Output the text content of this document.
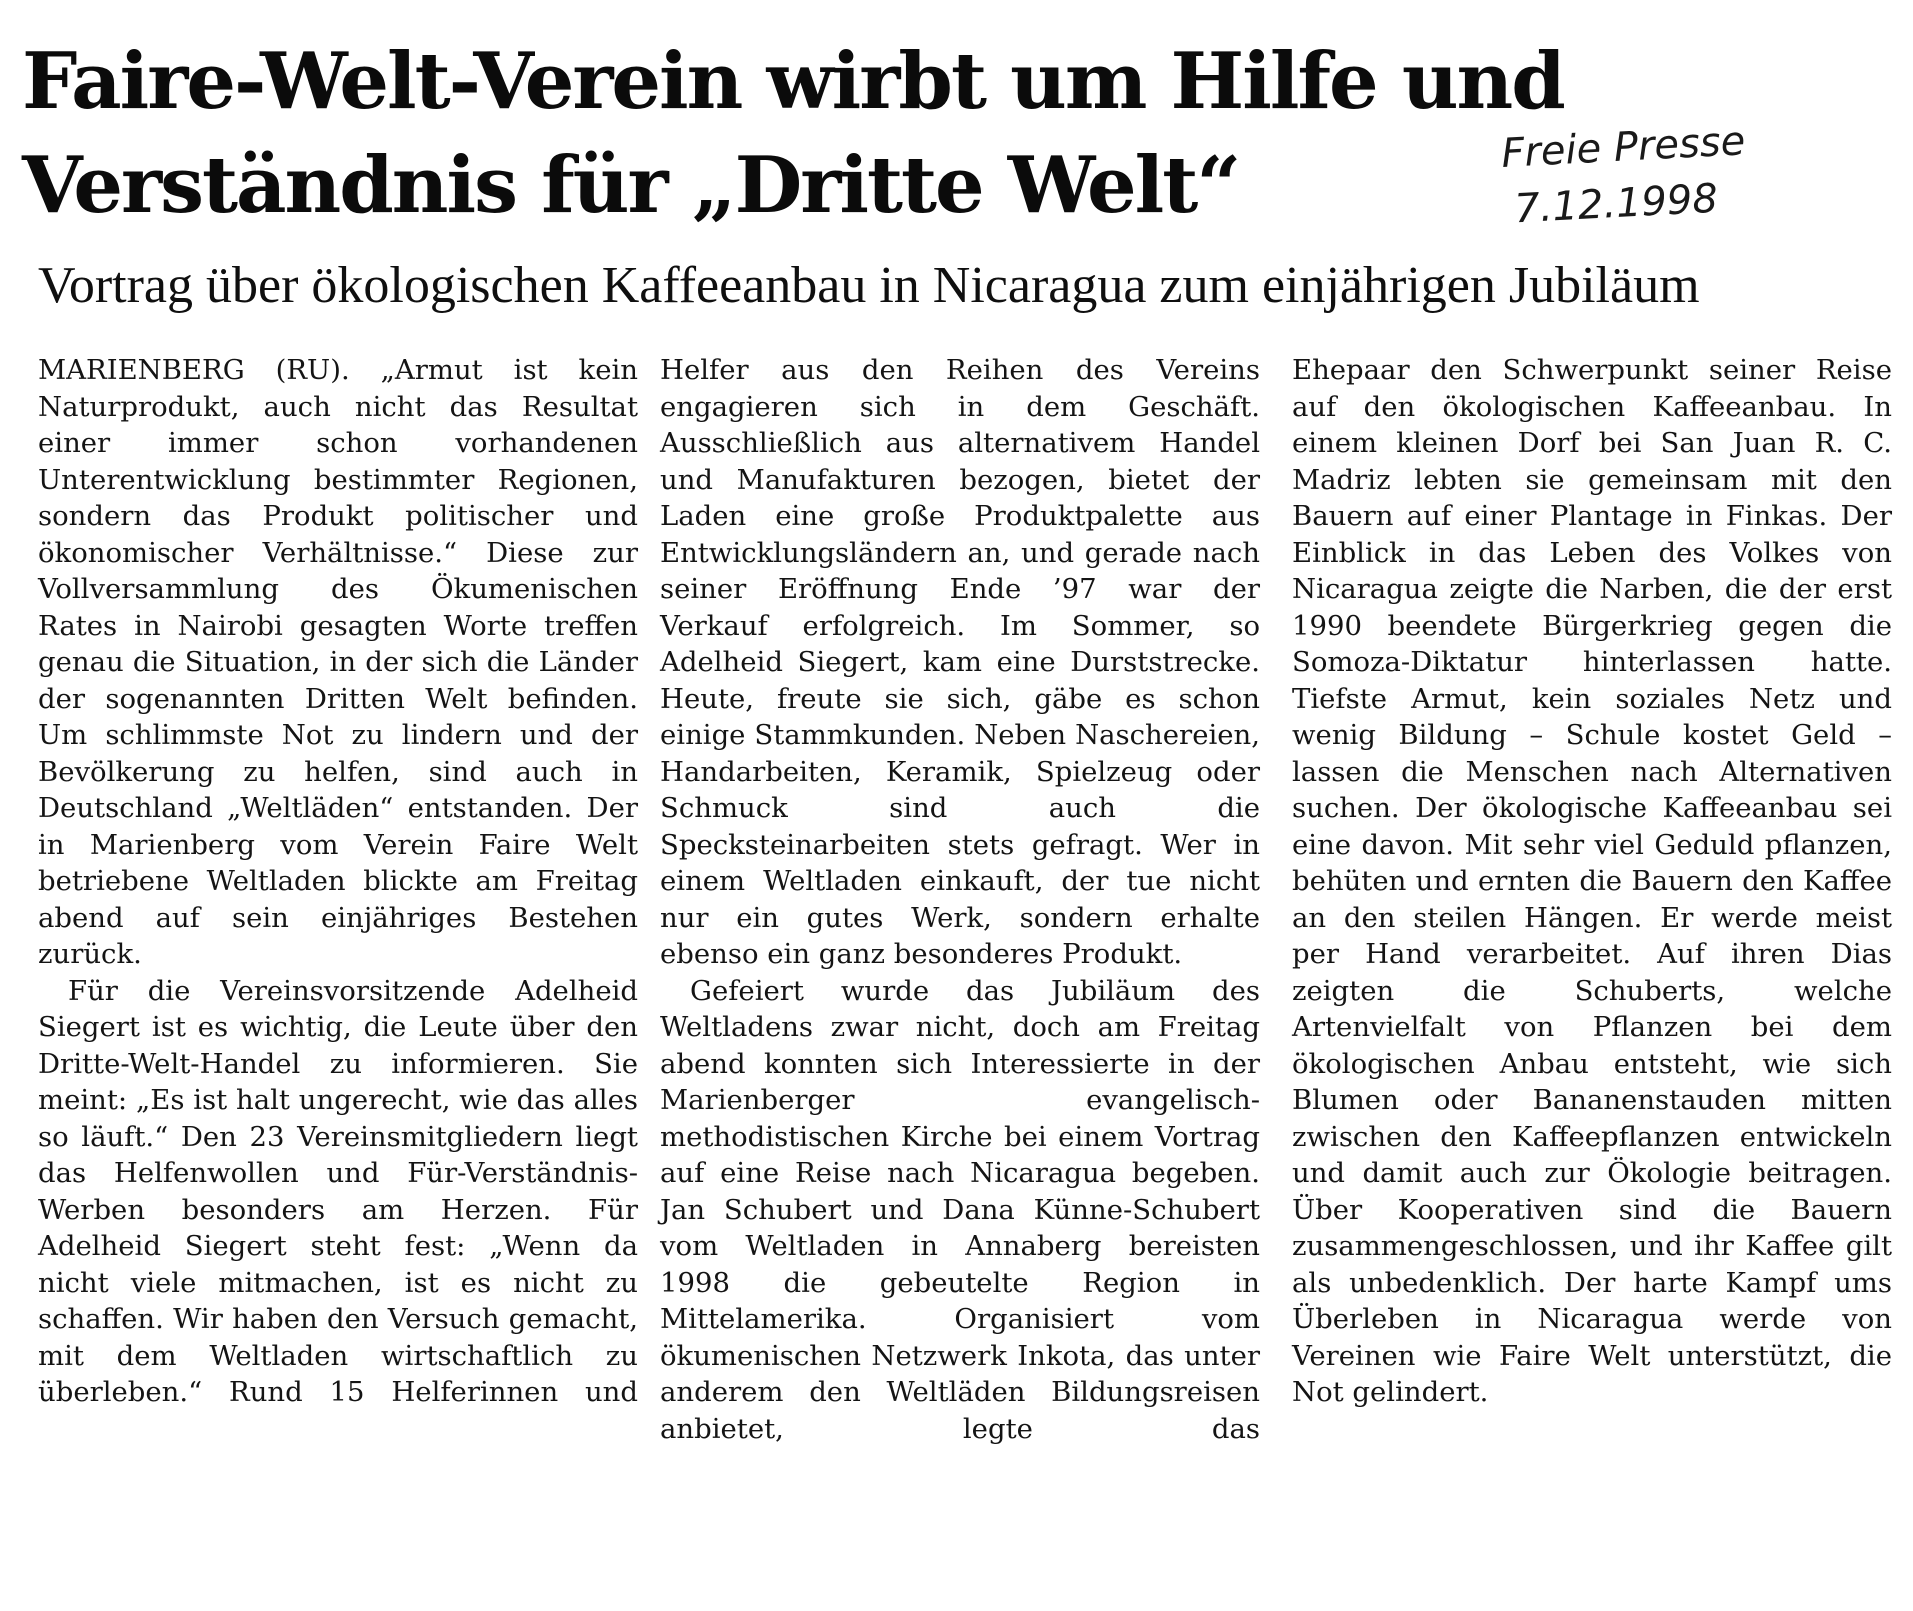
Faire-Welt-Verein wirbt um Hilfe und
Verständnis für „Dritte Welt“	Freie Presse
7.12.1998
Vortrag über ökologischen Kaffeeanbau in Nicaragua zum einjährigen Jubiläum

MARIENBERG (RU). „Armut ist kein Naturprodukt, auch nicht das Resultat einer immer schon vorhandenen Unterentwicklung bestimmter Regionen, sondern das Produkt politischer und ökonomischer Verhältnisse.“ Diese zur Vollversammlung des Ökumenischen Rates in Nairobi gesagten Worte treffen genau die Situation, in der sich die Länder der sogenannten Dritten Welt befinden. Um schlimmste Not zu lindern und der Bevölkerung zu helfen, sind auch in Deutschland „Weltläden“ entstanden. Der in Marienberg vom Verein Faire Welt betriebene Weltladen blickte am Freitag abend auf sein einjähriges Bestehen zurück.

Für die Vereinsvorsitzende Adelheid Siegert ist es wichtig, die Leute über den Dritte-Welt-Handel zu informieren. Sie meint: „Es ist halt ungerecht, wie das alles so läuft.“ Den 23 Vereinsmitgliedern liegt das Helfenwollen und Für-Verständnis-Werben besonders am Herzen. Für Adelheid Siegert steht fest: „Wenn da nicht viele mitmachen, ist es nicht zu schaffen. Wir haben den Versuch gemacht, mit dem Weltladen wirtschaftlich zu überleben.“ Rund 15 Helferinnen und

Helfer aus den Reihen des Vereins engagieren sich in dem Geschäft. Ausschließlich aus alternativem Handel und Manufakturen bezogen, bietet der Laden eine große Produktpalette aus Entwicklungsländern an, und gerade nach seiner Eröffnung Ende ’97 war der Verkauf erfolgreich. Im Sommer, so Adelheid Siegert, kam eine Durststrecke. Heute, freute sie sich, gäbe es schon einige Stammkunden. Neben Naschereien, Handarbeiten, Keramik, Spielzeug oder Schmuck sind auch die Specksteinarbeiten stets gefragt. Wer in einem Weltladen einkauft, der tue nicht nur ein gutes Werk, sondern erhalte ebenso ein ganz besonderes Produkt.

Gefeiert wurde das Jubiläum des Weltladens zwar nicht, doch am Freitag abend konnten sich Interessierte in der Marienberger evangelisch-methodistischen Kirche bei einem Vortrag auf eine Reise nach Nicaragua begeben. Jan Schubert und Dana Künne-Schubert vom Weltladen in Annaberg bereisten 1998 die gebeutelte Region in Mittelamerika. Organisiert vom ökumenischen Netzwerk Inkota, das unter anderem den Weltläden Bildungsreisen anbietet, legte das

Ehepaar den Schwerpunkt seiner Reise auf den ökologischen Kaffeeanbau. In einem kleinen Dorf bei San Juan R. C. Madriz lebten sie gemeinsam mit den Bauern auf einer Plantage in Finkas. Der Einblick in das Leben des Volkes von Nicaragua zeigte die Narben, die der erst 1990 beendete Bürgerkrieg gegen die Somoza-Diktatur hinterlassen hatte. Tiefste Armut, kein soziales Netz und wenig Bildung – Schule kostet Geld – lassen die Menschen nach Alternativen suchen. Der ökologische Kaffeeanbau sei eine davon. Mit sehr viel Geduld pflanzen, behüten und ernten die Bauern den Kaffee an den steilen Hängen. Er werde meist per Hand verarbeitet. Auf ihren Dias zeigten die Schuberts, welche Artenvielfalt von Pflanzen bei dem ökologischen Anbau entsteht, wie sich Blumen oder Bananenstauden mitten zwischen den Kaffeepflanzen entwickeln und damit auch zur Ökologie beitragen. Über Kooperativen sind die Bauern zusammengeschlossen, und ihr Kaffee gilt als unbedenklich. Der harte Kampf ums Überleben in Nicaragua werde von Vereinen wie Faire Welt unterstützt, die Not gelindert.
